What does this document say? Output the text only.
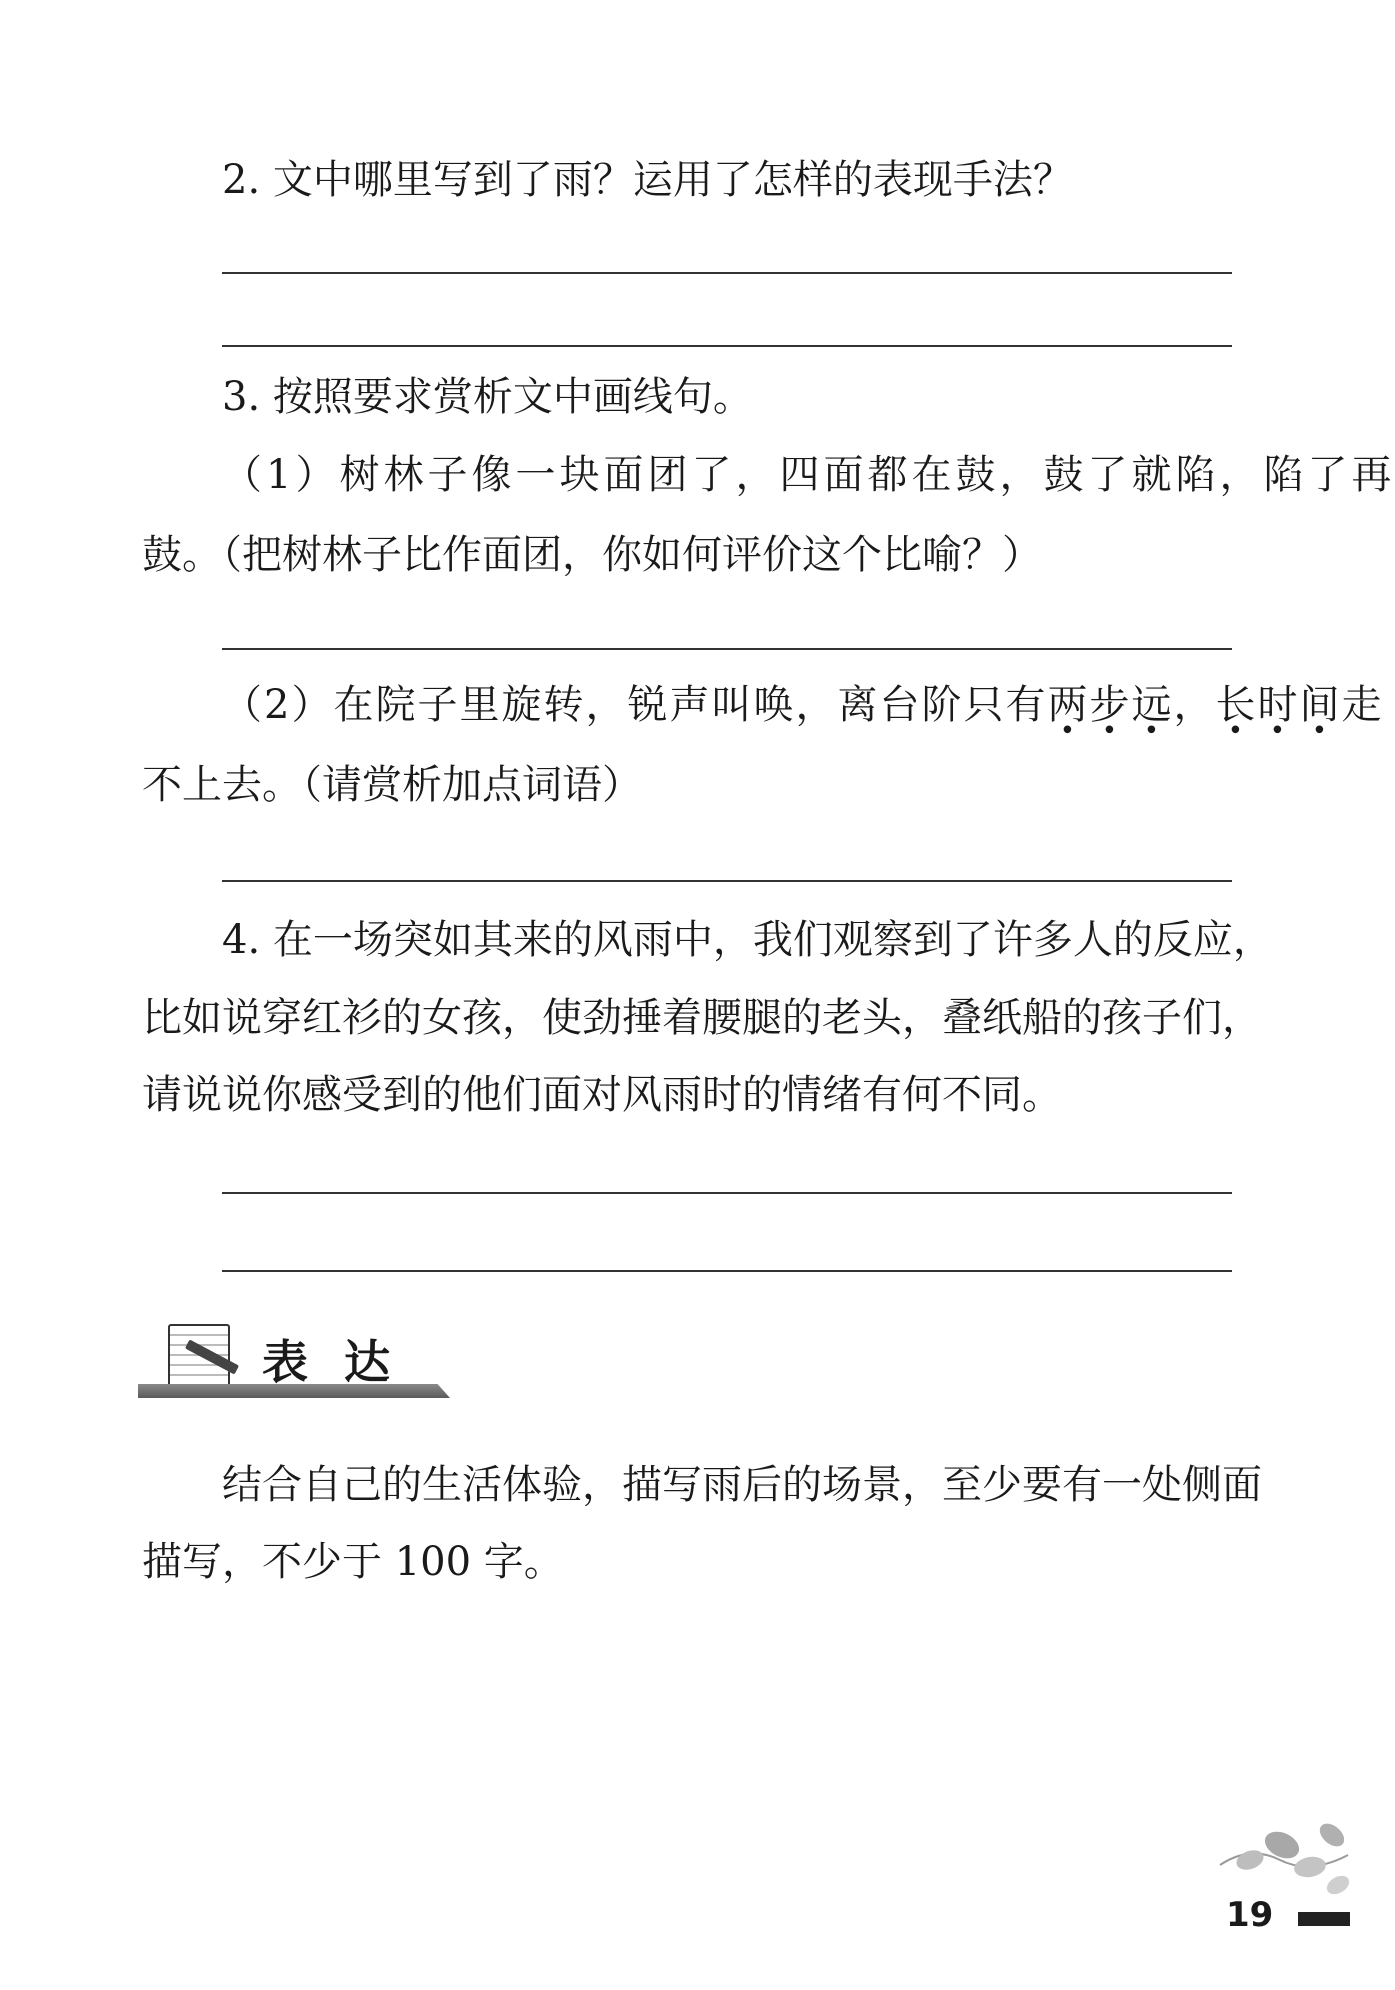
2. 文中哪里写到了雨？运用了怎样的表现手法？
3. 按照要求赏析文中画线句。
（1）树林子像一块面团了，四面都在鼓，鼓了就陷，陷了再
鼓。（把树林子比作面团，你如何评价这个比喻？）
（2）在院子里旋转，锐声叫唤，离台阶只有两步远，长时间走
不上去。（请赏析加点词语）
4. 在一场突如其来的风雨中，我们观察到了许多人的反应，
比如说穿红衫的女孩，使劲捶着腰腿的老头，叠纸船的孩子们，
请说说你感受到的他们面对风雨时的情绪有何不同。
表达
结合自己的生活体验，描写雨后的场景，至少要有一处侧面
描写，不少于 100 字。
19
